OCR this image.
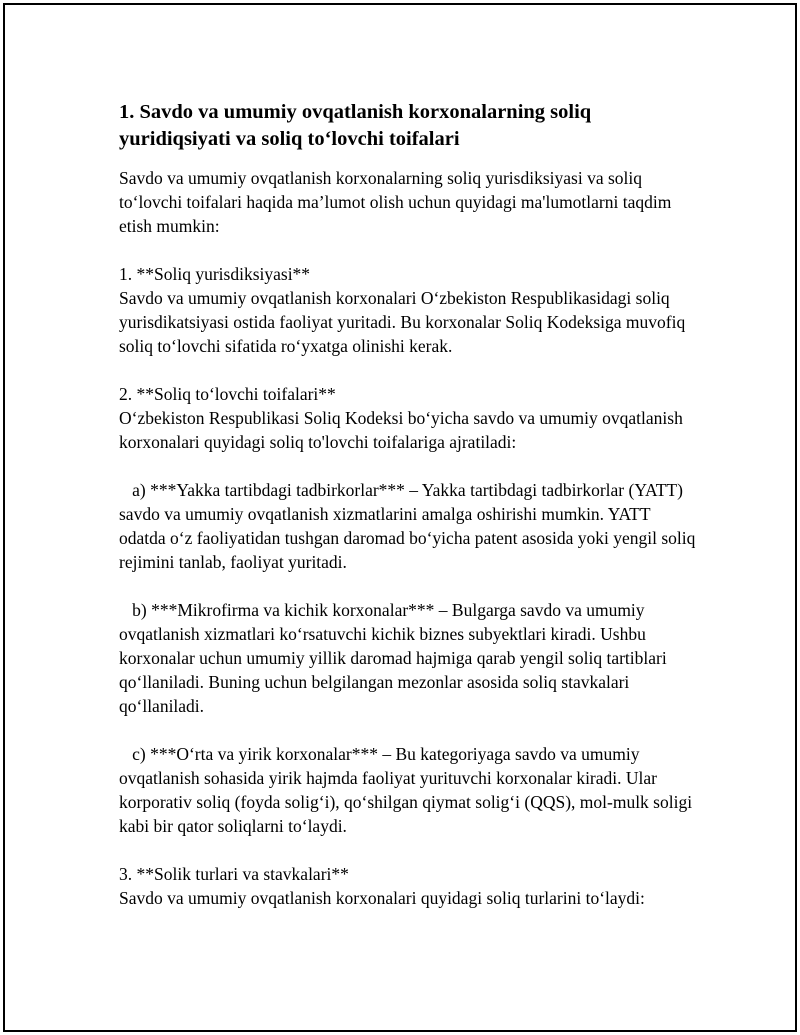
1. Savdo va umumiy ovqatlanish korxonalarning soliq yuridiqsiyati va soliq to‘lovchi toifalari
Savdo va umumiy ovqatlanish korxonalarning soliq yurisdiksiyasi va soliq to‘lovchi toifalari haqida ma’lumot olish uchun quyidagi ma'lumotlarni taqdim etish mumkin:
1. **Soliq yurisdiksiyasi**
Savdo va umumiy ovqatlanish korxonalari O‘zbekiston Respublikasidagi soliq yurisdikatsiyasi ostida faoliyat yuritadi. Bu korxonalar Soliq Kodeksiga muvofiq soliq to‘lovchi sifatida ro‘yxatga olinishi kerak.
2. **Soliq to‘lovchi toifalari**
O‘zbekiston Respublikasi Soliq Kodeksi bo‘yicha savdo va umumiy ovqatlanish korxonalari quyidagi soliq to'lovchi toifalariga ajratiladi:
a) ***Yakka tartibdagi tadbirkorlar*** – Yakka tartibdagi tadbirkorlar (YATT) savdo va umumiy ovqatlanish xizmatlarini amalga oshirishi mumkin. YATT odatda o‘z faoliyatidan tushgan daromad bo‘yicha patent asosida yoki yengil soliq rejimini tanlab, faoliyat yuritadi.
b) ***Mikrofirma va kichik korxonalar*** – Bulgarga savdo va umumiy ovqatlanish xizmatlari ko‘rsatuvchi kichik biznes subyektlari kiradi. Ushbu korxonalar uchun umumiy yillik daromad hajmiga qarab yengil soliq tartiblari qo‘llaniladi. Buning uchun belgilangan mezonlar asosida soliq stavkalari qo‘llaniladi.
c) ***O‘rta va yirik korxonalar*** – Bu kategoriyaga savdo va umumiy ovqatlanish sohasida yirik hajmda faoliyat yurituvchi korxonalar kiradi. Ular korporativ soliq (foyda solig‘i), qo‘shilgan qiymat solig‘i (QQS), mol-mulk soligi kabi bir qator soliqlarni to‘laydi.
3. **Solik turlari va stavkalari**
Savdo va umumiy ovqatlanish korxonalari quyidagi soliq turlarini to‘laydi:
